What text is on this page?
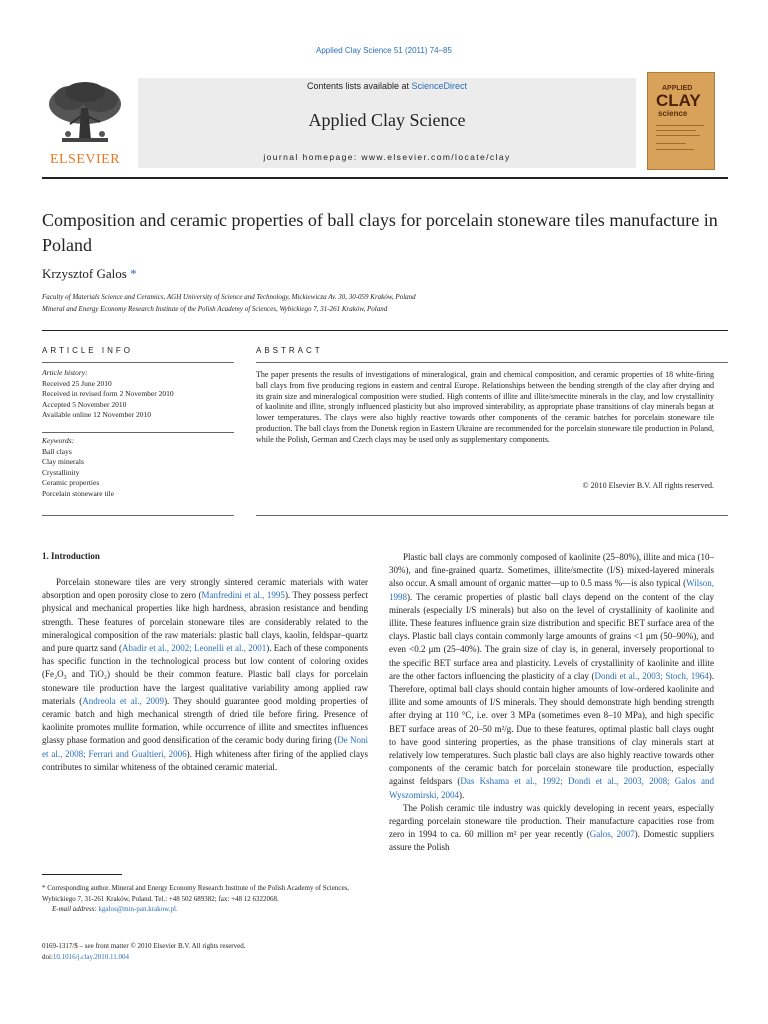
Applied Clay Science 51 (2011) 74–85
ELSEVIER
Contents lists available at ScienceDirect
Applied Clay Science
journal homepage: www.elsevier.com/locate/clay
APPLIED
CLAY
science
Composition and ceramic properties of ball clays for porcelain stoneware tiles manufacture in Poland
Krzysztof Galos *
Faculty of Materials Science and Ceramics, AGH University of Science and Technology, Mickiewicza Av. 30, 30-059 Kraków, Poland
Mineral and Energy Economy Research Institute of the Polish Academy of Sciences, Wybickiego 7, 31-261 Kraków, Poland
ARTICLE INFO
Article history:
Received 25 June 2010
Received in revised form 2 November 2010
Accepted 5 November 2010
Available online 12 November 2010
Keywords:
Ball clays
Clay minerals
Crystallinity
Ceramic properties
Porcelain stoneware tile
ABSTRACT
The paper presents the results of investigations of mineralogical, grain and chemical composition, and ceramic properties of 18 white-firing ball clays from five producing regions in eastern and central Europe. Relationships between the bending strength of the clay after drying and its grain size and mineralogical composition were studied. High contents of illite and illite/smectite minerals in the clay, and low crystallinity of kaolinite and illite, strongly influenced plasticity but also improved sinterability, as appropriate phase transitions of clay minerals began at lower temperatures. The clays were also highly reactive towards other components of the ceramic batches for porcelain stoneware tile production. The ball clays from the Donetsk region in Eastern Ukraine are recommended for the porcelain stoneware tile production in Poland, while the Polish, German and Czech clays may be used only as supplementary components.
© 2010 Elsevier B.V. All rights reserved.
1. Introduction

Porcelain stoneware tiles are very strongly sintered ceramic materials with water absorption and open porosity close to zero (Manfredini et al., 1995). They possess perfect physical and mechanical properties like high hardness, abrasion resistance and bending strength. These features of porcelain stoneware tiles are considerably related to the mineralogical composition of the raw materials: plastic ball clays, kaolin, feldspar–quartz and pure quartz sand (Abadir et al., 2002; Leonelli et al., 2001). Each of these components has specific function in the technological process but low content of coloring oxides (Fe₂O₃ and TiO₂) should be their common feature. Plastic ball clays for porcelain stoneware tile production have the largest qualitative variability among applied raw materials (Andreola et al., 2009). They should guarantee good molding properties of ceramic batch and high mechanical strength of dried tile before firing. Presence of kaolinite promotes mullite formation, while occurrence of illite and smectites influences glassy phase formation and good densification of the ceramic body during firing (De Noni et al., 2008; Ferrari and Gualtieri, 2006). High whiteness after firing of the applied clays contributes to similar whiteness of the obtained ceramic material.

* Corresponding author. Mineral and Energy Economy Research Institute of the Polish Academy of Sciences, Wybickiego 7, 31-261 Kraków, Poland. Tel.: +48 502 689382; fax: +48 12 6322068.
E-mail address: kgalos@min-pan.krakow.pl.
0169-1317/$ – see front matter © 2010 Elsevier B.V. All rights reserved.
doi:10.1016/j.clay.2010.11.004

Plastic ball clays are commonly composed of kaolinite (25–80%), illite and mica (10–30%), and fine-grained quartz. Sometimes, illite/smectite (I/S) mixed-layered minerals also occur. A small amount of organic matter—up to 0.5 mass %—is also typical (Wilson, 1998). The ceramic properties of plastic ball clays depend on the content of the clay minerals (especially I/S minerals) but also on the level of crystallinity of kaolinite and illite. These features influence grain size distribution and specific BET surface area of the clays. Plastic ball clays contain commonly large amounts of grains <1 μm (50–90%), and even <0.2 μm (25–40%). The grain size of clay is, in general, inversely proportional to the specific BET surface area and plasticity. Levels of crystallinity of kaolinite and illite are the other factors influencing the plasticity of a clay (Dondi et al., 2003; Stoch, 1964). Therefore, optimal ball clays should contain higher amounts of low-ordered kaolinite and illite and some amounts of I/S minerals. They should demonstrate high bending strength after drying at 110 °C, i.e. over 3 MPa (sometimes even 8–10 MPa), and high specific BET surface areas of 20–50 m²/g. Due to these features, optimal plastic ball clays ought to have good sintering properties, as the phase transitions of clay minerals start at relatively low temperatures. Such plastic ball clays are also highly reactive towards other components of the ceramic batch for porcelain stoneware tile production, especially against feldspars (Das Kshama et al., 1992; Dondi et al., 2003, 2008; Galos and Wyszomirski, 2004).

The Polish ceramic tile industry was quickly developing in recent years, especially regarding porcelain stoneware tile production. Their manufacture capacities rose from zero in 1994 to ca. 60 million m² per year recently (Galos, 2007). Domestic suppliers assure the Polish
